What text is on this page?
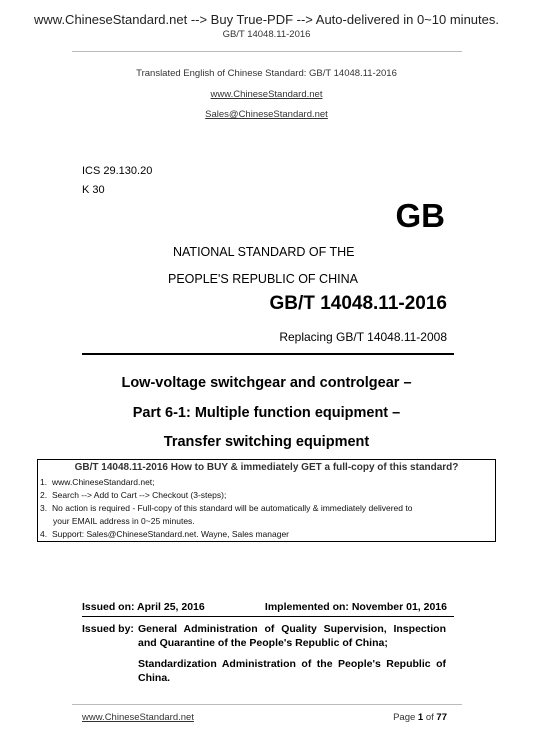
www.ChineseStandard.net --> Buy True-PDF --> Auto-delivered in 0~10 minutes.
GB/T 14048.11-2016
Translated English of Chinese Standard: GB/T 14048.11-2016
www.ChineseStandard.net
Sales@ChineseStandard.net
ICS 29.130.20
K 30
GB
NATIONAL STANDARD OF THE
PEOPLE'S REPUBLIC OF CHINA
GB/T 14048.11-2016
Replacing GB/T 14048.11-2008
Low-voltage switchgear and controlgear –
Part 6-1: Multiple function equipment –
Transfer switching equipment
GB/T 14048.11-2016 How to BUY & immediately GET a full-copy of this standard?
1. www.ChineseStandard.net;
2. Search --> Add to Cart --> Checkout (3-steps);
3. No action is required - Full-copy of this standard will be automatically & immediately delivered to
your EMAIL address in 0~25 minutes.
4. Support: Sales@ChineseStandard.net. Wayne, Sales manager
Issued on: April 25, 2016	Implemented on: November 01, 2016
Issued by: General Administration of Quality Supervision, Inspection and Quarantine of the People's Republic of China;

Standardization Administration of the People's Republic of China.

www.ChineseStandard.net	Page 1 of 77
